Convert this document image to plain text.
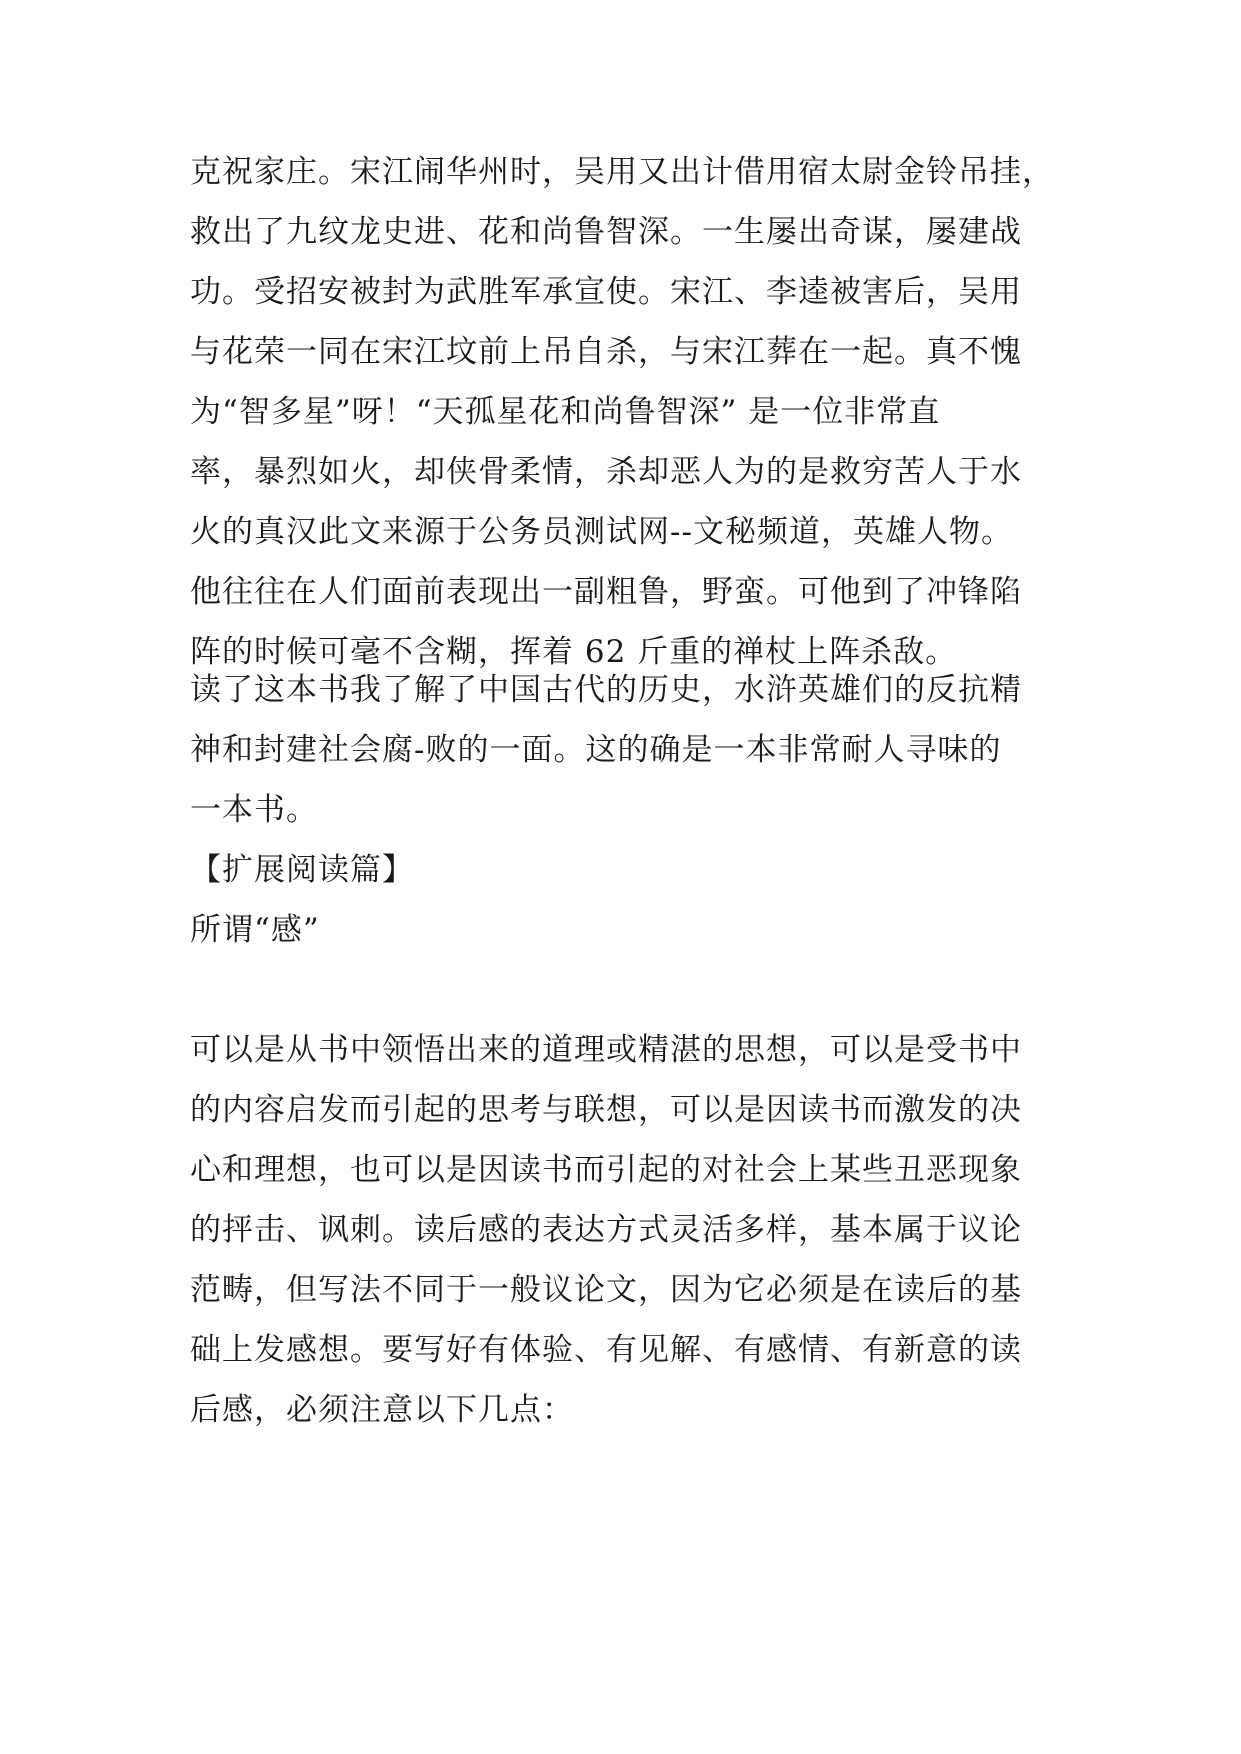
克祝家庄。宋江闹华州时，吴用又出计借用宿太尉金铃吊挂，
救出了九纹龙史进、花和尚鲁智深。一生屡出奇谋，屡建战
功。受招安被封为武胜军承宣使。宋江、李逵被害后，吴用
与花荣一同在宋江坟前上吊自杀，与宋江葬在一起。真不愧
为“智多星”呀！“天孤星花和尚鲁智深” 是一位非常直
率，暴烈如火，却侠骨柔情，杀却恶人为的是救穷苦人于水
火的真汉此文来源于公务员测试网--文秘频道，英雄人物。
他往往在人们面前表现出一副粗鲁，野蛮。可他到了冲锋陷
阵的时候可毫不含糊，挥着 62 斤重的禅杖上阵杀敌。
读了这本书我了解了中国古代的历史，水浒英雄们的反抗精
神和封建社会腐-败的一面。这的确是一本非常耐人寻味的
一本书。
【扩展阅读篇】
所谓“感”
可以是从书中领悟出来的道理或精湛的思想，可以是受书中
的内容启发而引起的思考与联想，可以是因读书而激发的决
心和理想，也可以是因读书而引起的对社会上某些丑恶现象
的抨击、讽刺。读后感的表达方式灵活多样，基本属于议论
范畴，但写法不同于一般议论文，因为它必须是在读后的基
础上发感想。要写好有体验、有见解、有感情、有新意的读
后感，必须注意以下几点：
